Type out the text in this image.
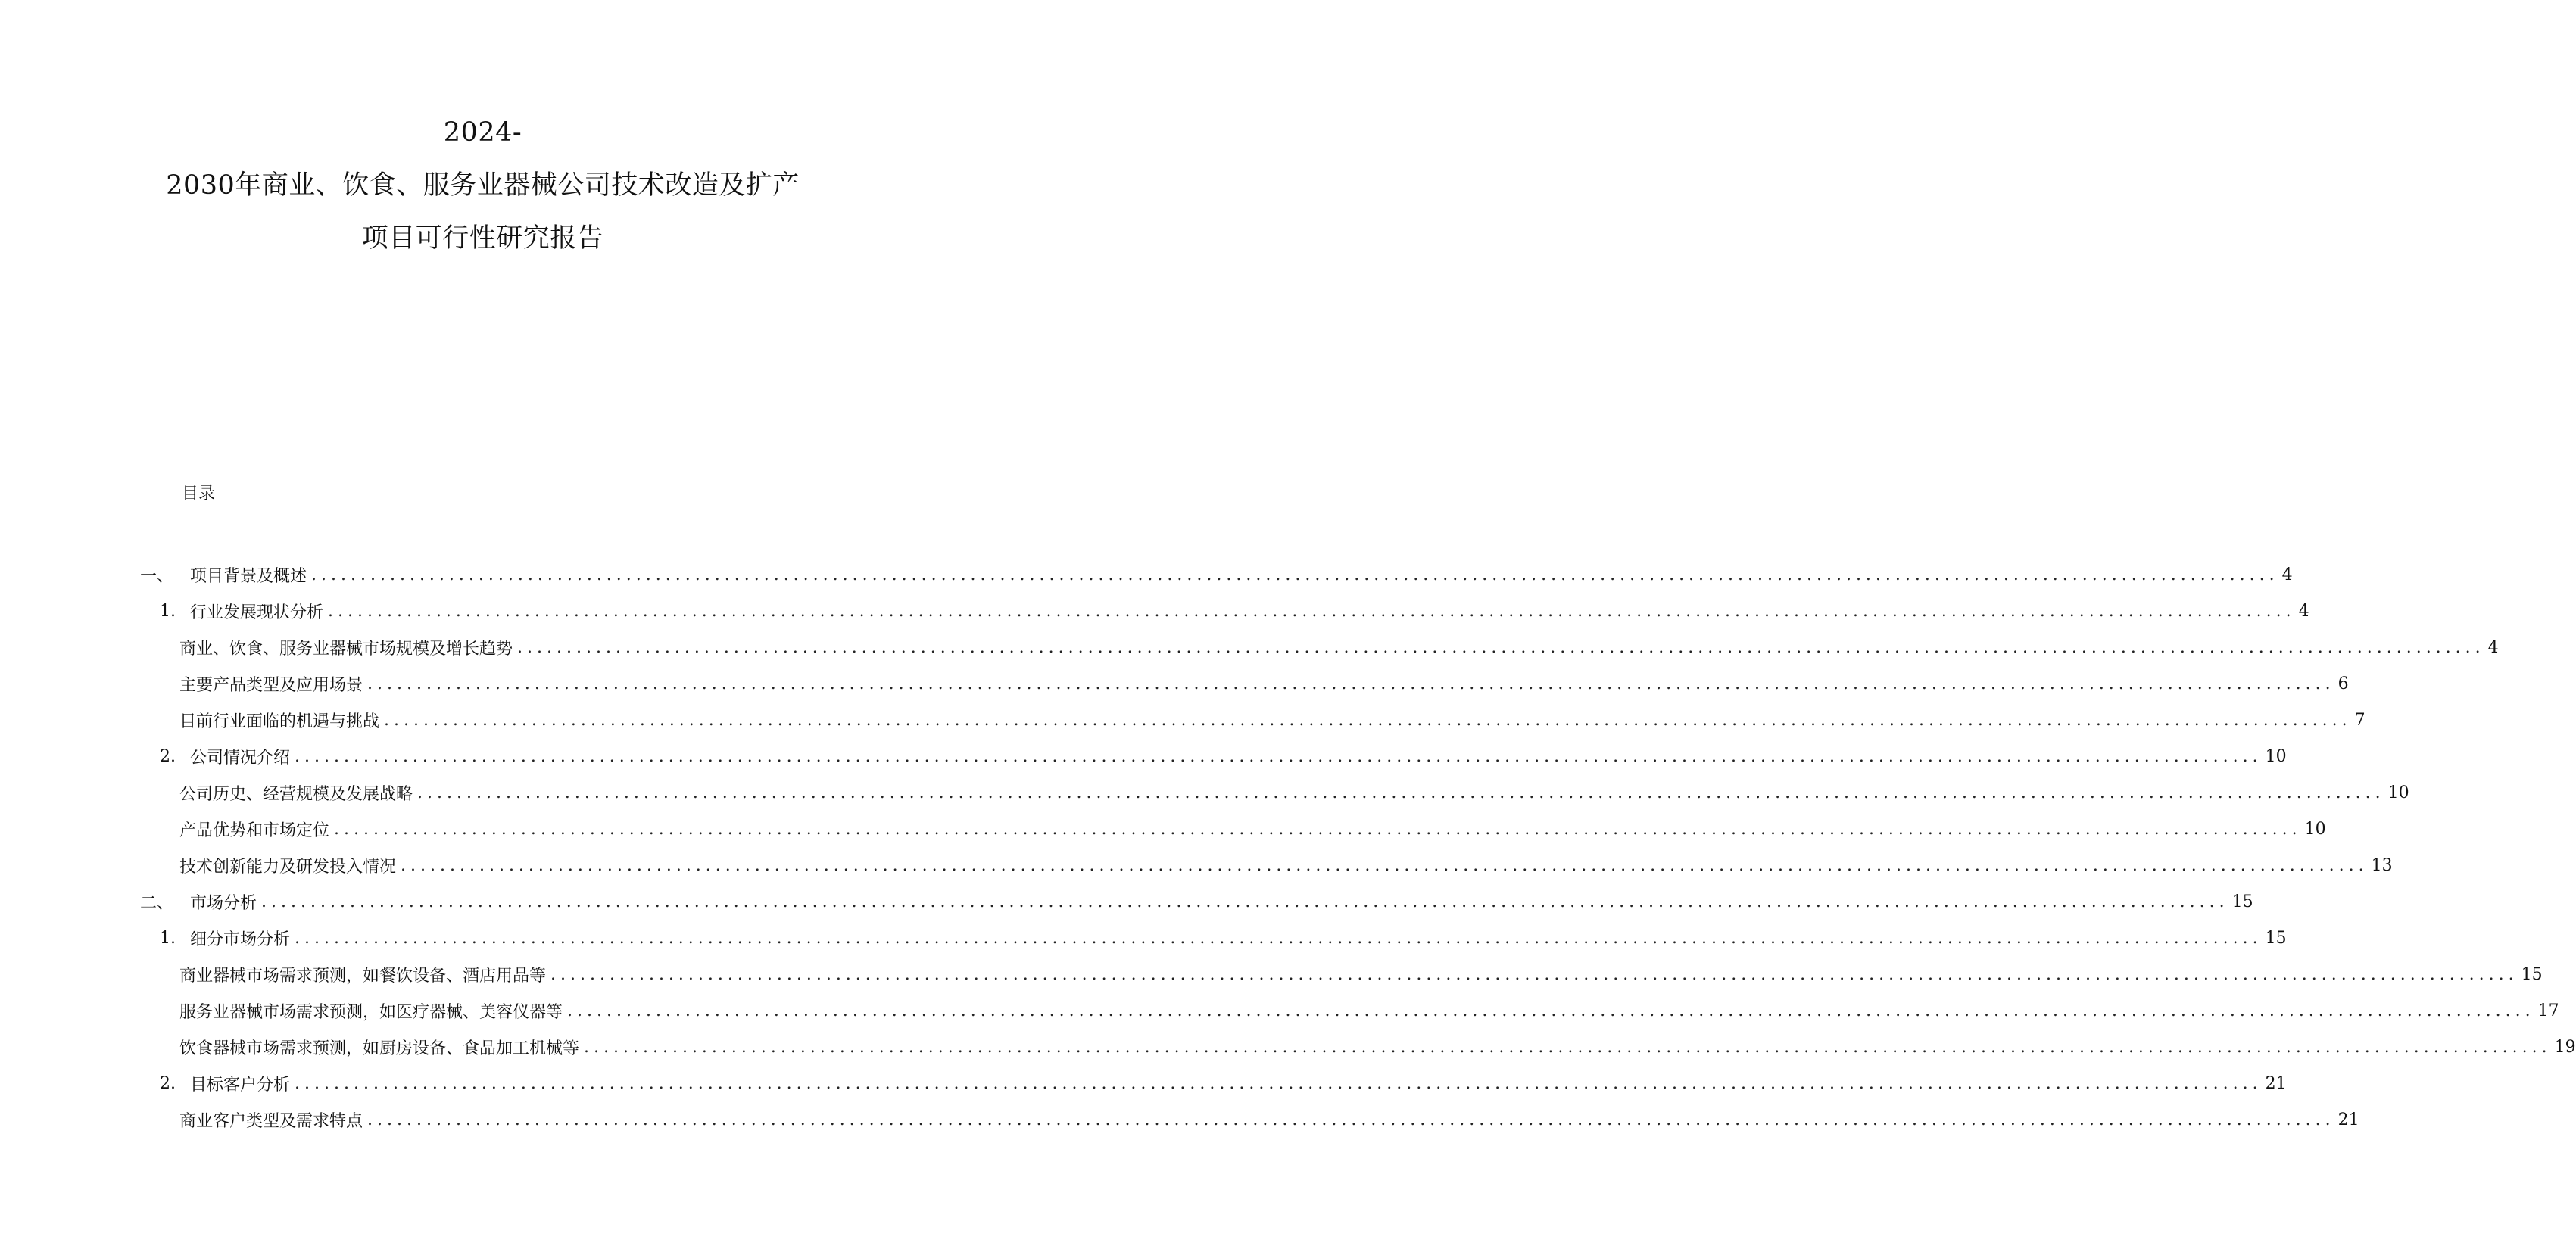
2024-
2030年商业、饮食、服务业器械公司技术改造及扩产
项目可行性研究报告
目录
一、 项目背景及概述 ........................................................................................................................................................................................................ 4
1. 行业发展现状分析 ........................................................................................................................................................................................................ 4
商业、饮食、服务业器械市场规模及增长趋势 ........................................................................................................................................................................................................ 4
主要产品类型及应用场景 ........................................................................................................................................................................................................ 6
目前行业面临的机遇与挑战 ........................................................................................................................................................................................................ 7
2. 公司情况介绍 ........................................................................................................................................................................................................ 10
公司历史、经营规模及发展战略 ........................................................................................................................................................................................................ 10
产品优势和市场定位 ........................................................................................................................................................................................................ 10
技术创新能力及研发投入情况 ........................................................................................................................................................................................................ 13
二、 市场分析 ........................................................................................................................................................................................................ 15
1. 细分市场分析 ........................................................................................................................................................................................................ 15
商业器械市场需求预测，如餐饮设备、酒店用品等 ........................................................................................................................................................................................................ 15
服务业器械市场需求预测，如医疗器械、美容仪器等 ........................................................................................................................................................................................................ 17
饮食器械市场需求预测，如厨房设备、食品加工机械等 ........................................................................................................................................................................................................ 19
2. 目标客户分析 ........................................................................................................................................................................................................ 21
商业客户类型及需求特点 ........................................................................................................................................................................................................ 21
